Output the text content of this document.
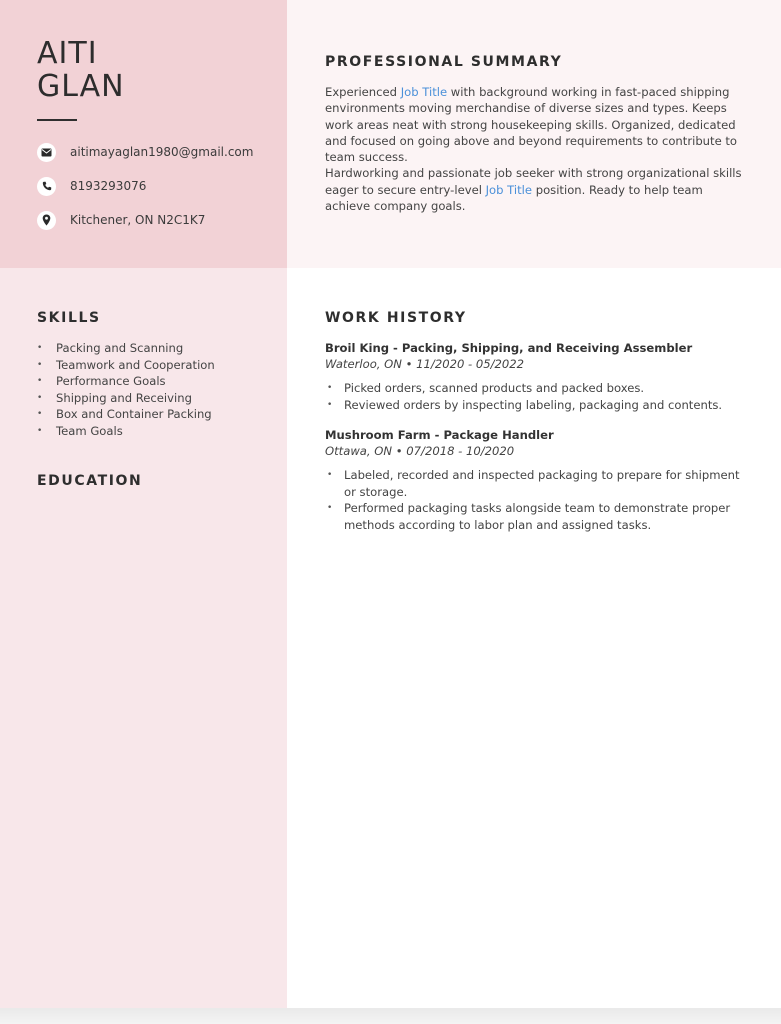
AITI
GLAN
aitimayaglan1980@gmail.com
8193293076
Kitchener, ON N2C1K7
PROFESSIONAL SUMMARY

Experienced Job Title with background working in fast-paced shipping environments moving merchandise of diverse sizes and types. Keeps work areas neat with strong housekeeping skills. Organized, dedicated and focused on going above and beyond requirements to contribute to team success.

Hardworking and passionate job seeker with strong organizational skills eager to secure entry-level Job Title position. Ready to help team achieve company goals.

SKILLS
• Packing and Scanning
• Teamwork and Cooperation
• Performance Goals
• Shipping and Receiving
• Box and Container Packing
• Team Goals
EDUCATION
WORK HISTORY
Broil King - Packing, Shipping, and Receiving Assembler
Waterloo, ON • 11/2020 - 05/2022
• Picked orders, scanned products and packed boxes.
• Reviewed orders by inspecting labeling, packaging and contents.
Mushroom Farm - Package Handler
Ottawa, ON • 07/2018 - 10/2020
• Labeled, recorded and inspected packaging to prepare for shipment or storage.
• Performed packaging tasks alongside team to demonstrate proper methods according to labor plan and assigned tasks.
